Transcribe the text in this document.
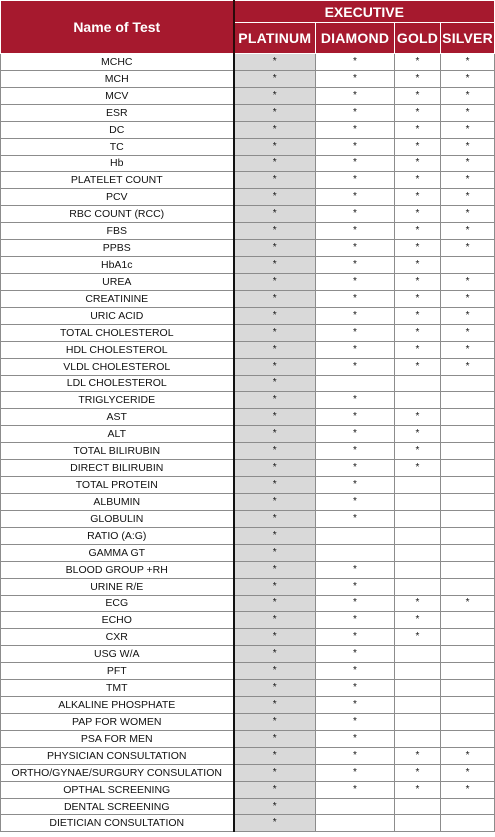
Name of Test	EXECUTIVE			
	PLATINUM	DIAMOND	GOLD	SILVER
MCHC	*	*	*	*
MCH	*	*	*	*
MCV	*	*	*	*
ESR	*	*	*	*
DC	*	*	*	*
TC	*	*	*	*
Hb	*	*	*	*
PLATELET COUNT	*	*	*	*
PCV	*	*	*	*
RBC COUNT (RCC)	*	*	*	*
FBS	*	*	*	*
PPBS	*	*	*	*
HbA1c	*	*	*	
UREA	*	*	*	*
CREATININE	*	*	*	*
URIC ACID	*	*	*	*
TOTAL CHOLESTEROL	*	*	*	*
HDL CHOLESTEROL	*	*	*	*
VLDL CHOLESTEROL	*	*	*	*
LDL CHOLESTEROL	*			
TRIGLYCERIDE	*	*		
AST	*	*	*	
ALT	*	*	*	
TOTAL BILIRUBIN	*	*	*	
DIRECT BILIRUBIN	*	*	*	
TOTAL PROTEIN	*	*		
ALBUMIN	*	*		
GLOBULIN	*	*		
RATIO (A:G)	*			
GAMMA GT	*			
BLOOD GROUP +RH	*	*		
URINE R/E	*	*		
ECG	*	*	*	*
ECHO	*	*	*	
CXR	*	*	*	
USG W/A	*	*		
PFT	*	*		
TMT	*	*		
ALKALINE PHOSPHATE	*	*		
PAP FOR WOMEN	*	*		
PSA FOR MEN	*	*		
PHYSICIAN CONSULTATION	*	*	*	*
ORTHO/GYNAE/SURGURY CONSULATION	*	*	*	*
OPTHAL SCREENING	*	*	*	*
DENTAL SCREENING	*			
DIETICIAN CONSULTATION	*			
